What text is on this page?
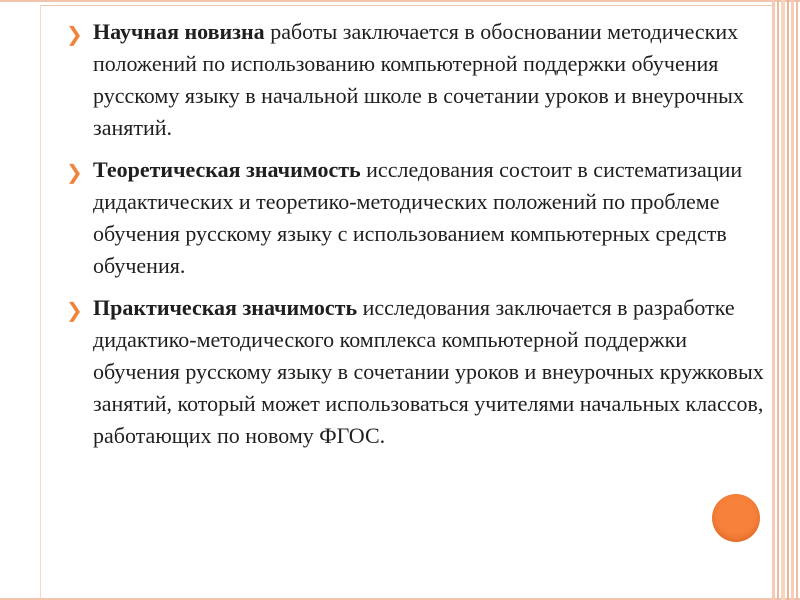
❯ Научная новизна работы заключается в обосновании методических положений по использованию компьютерной поддержки обучения русскому языку в начальной школе в сочетании уроков и внеурочных занятий.
❯ Теоретическая значимость исследования состоит в систематизации дидактических и теоретико-методических положений по проблеме обучения русскому языку с использованием компьютерных средств обучения.
❯ Практическая значимость исследования заключается в разработке дидактико-методического комплекса компьютерной поддержки обучения русскому языку в сочетании уроков и внеурочных кружковых занятий, который может использоваться учителями начальных классов, работающих по новому ФГОС.
